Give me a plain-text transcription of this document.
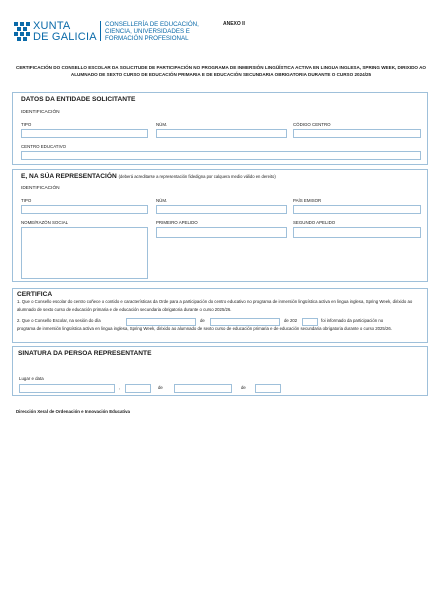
XUNTA
DE GALICIA
CONSELLERÍA DE EDUCACIÓN,
CIENCIA, UNIVERSIDADES E
FORMACIÓN PROFESIONAL
ANEXO II
CERTIFICACIÓN DO CONSELLO ESCOLAR DA SOLICITUDE DE PARTICIPACIÓN NO PROGRAMA DE INMERSIÓN LINGÜÍSTICA ACTIVA EN LINGUA INGLESA, SPRING WEEK, DIRIXIDO AO ALUMNADO DE SEXTO CURSO DE EDUCACIÓN PRIMARIA E DE EDUCACIÓN SECUNDARIA OBRIGATORIA DURANTE O CURSO 2024/25
DATOS DA ENTIDADE SOLICITANTE
IDENTIFICACIÓN
TIPO	NÚM.	CÓDIGO CENTRO
CENTRO EDUCATIVO
E, NA SÚA REPRESENTACIÓN (deberá acreditarse a representación fidedigna por calquera medio válido en dereito)
IDENTIFICACIÓN
TIPO	NÚM.	PAÍS EMISOR
NOME/RAZÓN SOCIAL	PRIMEIRO APELIDO	SEGUNDO APELIDO
CERTIFICA
1. Que o Consello escolar do centro coñece o contido e características da Orde para a participación do centro educativo no programa de inmersión lingüística activa en lingua inglesa, Spring Week, dirixido ao alumnado de sexto curso de educación primaria e de educación secundaria obrigatoria durante o curso 2025/26.
2. Que o Consello Escolar, na sesión do día	de	de 202	foi informado da participación no
programa de inmersión lingüística activa en lingua inglesa, Spring Week, dirixido ao alumnado de sexto curso de educación primaria e de educación secundaria obrigatoria durante o curso 2025/26.
SINATURA DA PERSOA REPRESENTANTE
Lugar e data
,	de	de
Dirección Xeral de Ordenación e Innovación Educativa
